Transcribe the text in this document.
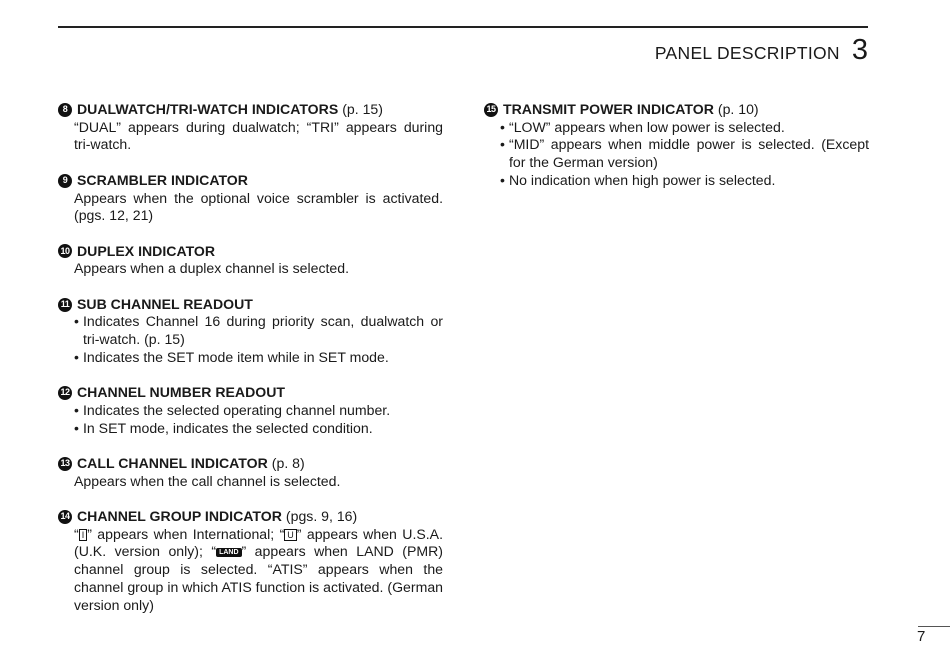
PANEL DESCRIPTION 3
8 DUALWATCH/TRI-WATCH INDICATORS (p. 15)
“DUAL” appears during dualwatch; “TRI” appears during tri-watch.
9 SCRAMBLER INDICATOR
Appears when the optional voice scrambler is activated. (pgs. 12, 21)
10 DUPLEX INDICATOR
Appears when a duplex channel is selected.
11 SUB CHANNEL READOUT
• Indicates Channel 16 during priority scan, dualwatch or tri-watch. (p. 15)
• Indicates the SET mode item while in SET mode.
12 CHANNEL NUMBER READOUT
• Indicates the selected operating channel number.
• In SET mode, indicates the selected condition.
13 CALL CHANNEL INDICATOR (p. 8)
Appears when the call channel is selected.
14 CHANNEL GROUP INDICATOR (pgs. 9, 16)
“ I ” appears when International; “ U ” appears when U.S.A. (U.K. version only); “ LAND ” appears when LAND (PMR) channel group is selected. “ATIS” appears when the channel group in which ATIS function is activated. (German version only)
15 TRANSMIT POWER INDICATOR (p. 10)
• “LOW” appears when low power is selected.
• “MID” appears when middle power is selected. (Except for the German version)
• No indication when high power is selected.
7
